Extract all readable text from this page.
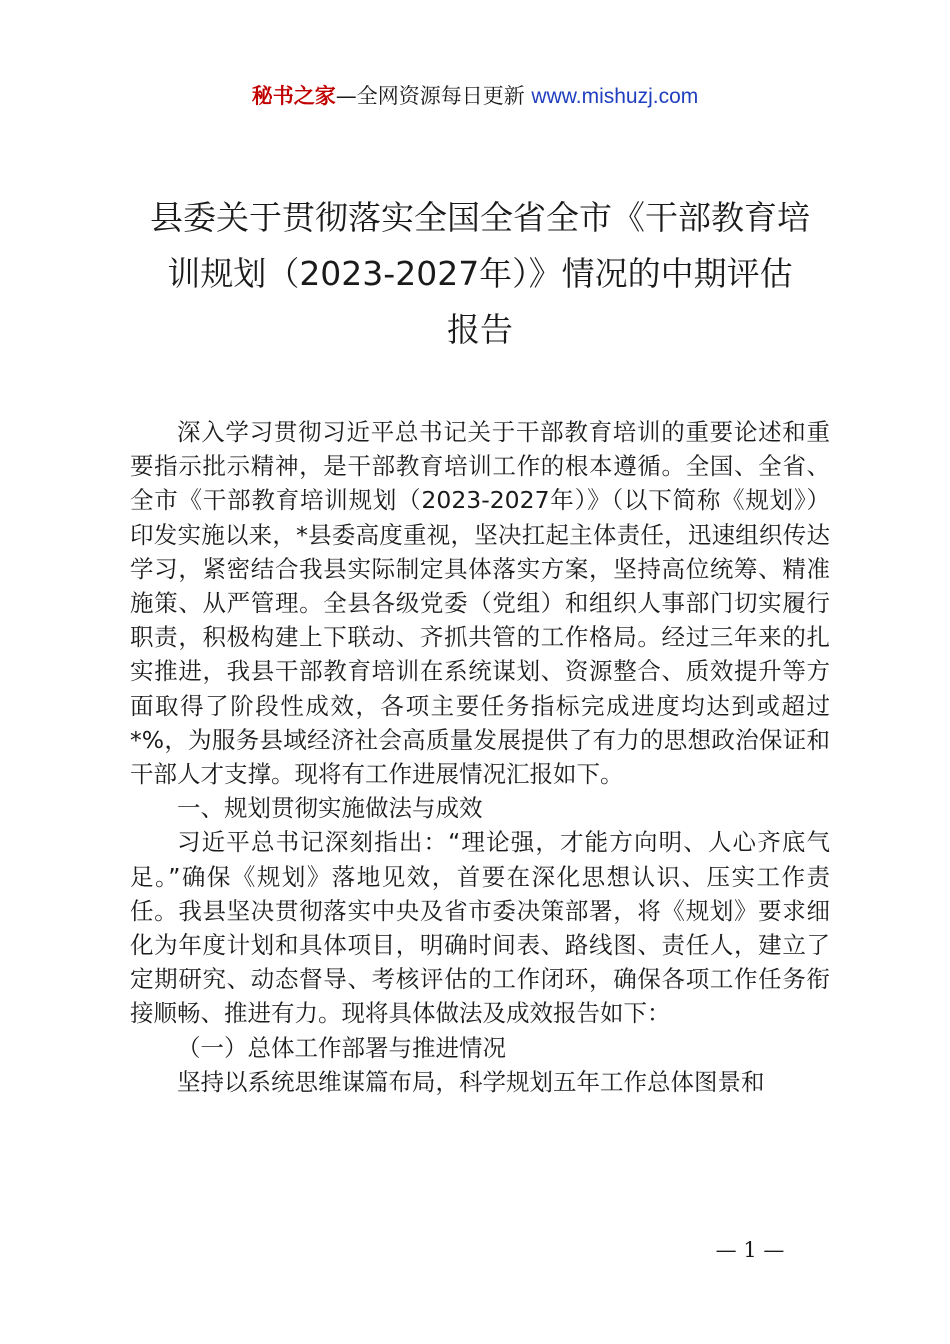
秘书之家—全网资源每日更新 www.mishuzj.com
县委关于贯彻落实全国全省全市《干部教育培
训规划（2023-2027年）》情况的中期评估
报告

深入学习贯彻习近平总书记关于干部教育培训的重要论述和重要指示批示精神，是干部教育培训工作的根本遵循。全国、全省、全市《干部教育培训规划（2023-2027年）》（以下简称《规划》）印发实施以来，*县委高度重视，坚决扛起主体责任，迅速组织传达学习，紧密结合我县实际制定具体落实方案，坚持高位统筹、精准施策、从严管理。全县各级党委（党组）和组织人事部门切实履行职责，积极构建上下联动、齐抓共管的工作格局。经过三年来的扎实推进，我县干部教育培训在系统谋划、资源整合、质效提升等方面取得了阶段性成效，各项主要任务指标完成进度均达到或超过*%，为服务县域经济社会高质量发展提供了有力的思想政治保证和干部人才支撑。现将有工作进展情况汇报如下。

一、规划贯彻实施做法与成效

习近平总书记深刻指出：“理论强，才能方向明、人心齐底气足。”确保《规划》落地见效，首要在深化思想认识、压实工作责任。我县坚决贯彻落实中央及省市委决策部署，将《规划》要求细化为年度计划和具体项目，明确时间表、路线图、责任人，建立了定期研究、动态督导、考核评估的工作闭环，确保各项工作任务衔接顺畅、推进有力。现将具体做法及成效报告如下：

（一）总体工作部署与推进情况

坚持以系统思维谋篇布局，科学规划五年工作总体图景和

— 1 —
